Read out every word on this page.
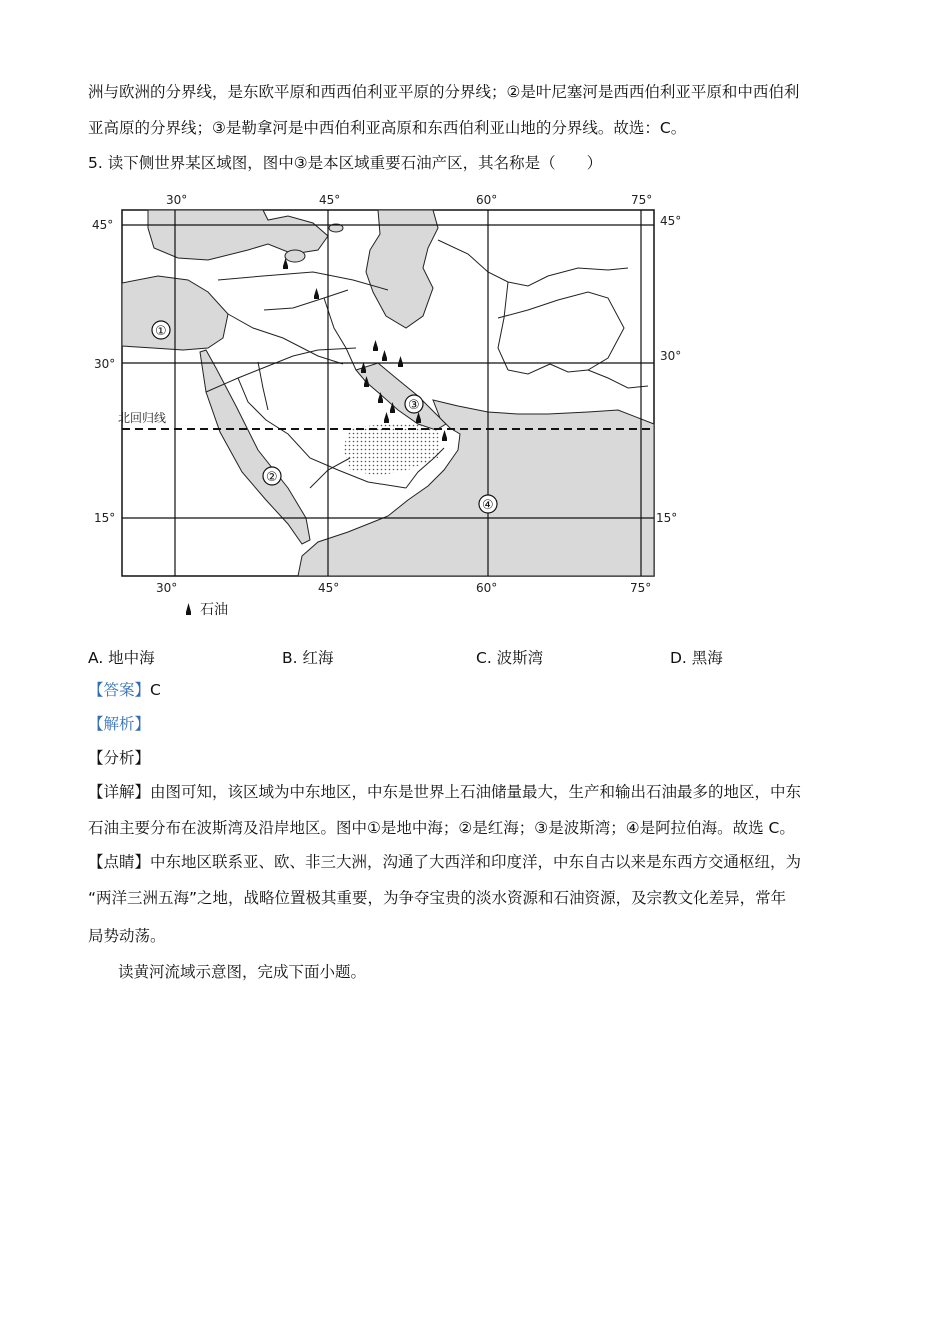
洲与欧洲的分界线，是东欧平原和西西伯利亚平原的分界线；②是叶尼塞河是西西伯利亚平原和中西伯利
亚高原的分界线；③是勒拿河是中西伯利亚高原和东西伯利亚山地的分界线。故选：C。
5. 读下侧世界某区域图，图中③是本区域重要石油产区，其名称是（　　）
30°	45°	60°	75°
30°	45°	60°	75°
45°
30°
15°
45°
30°
15°
北回归线
①
②
③
④
石油
A. 地中海	B. 红海	C. 波斯湾	D. 黑海
【答案】C
【解析】
【分析】
【详解】由图可知，该区域为中东地区，中东是世界上石油储量最大，生产和输出石油最多的地区，中东
石油主要分布在波斯湾及沿岸地区。图中①是地中海；②是红海；③是波斯湾；④是阿拉伯海。故选 C。
【点睛】中东地区联系亚、欧、非三大洲，沟通了大西洋和印度洋，中东自古以来是东西方交通枢纽，为
“两洋三洲五海”之地，战略位置极其重要，为争夺宝贵的淡水资源和石油资源，及宗教文化差异，常年
局势动荡。
读黄河流域示意图，完成下面小题。
